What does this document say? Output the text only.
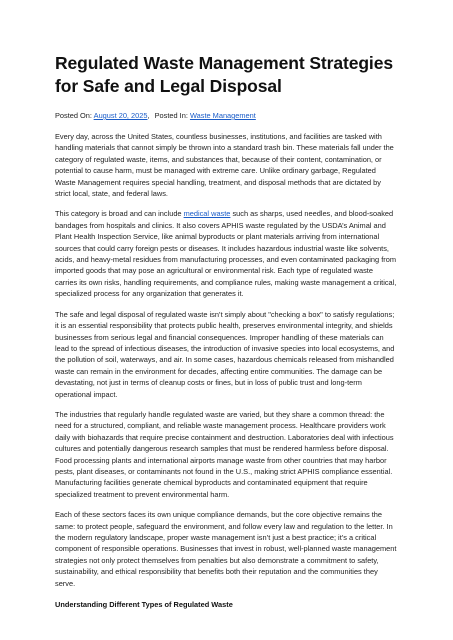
Regulated Waste Management Strategies for Safe and Legal Disposal
Posted On: August 20, 2025, Posted In: Waste Management

Every day, across the United States, countless businesses, institutions, and facilities are tasked with handling materials that cannot simply be thrown into a standard trash bin. These materials fall under the category of regulated waste, items, and substances that, because of their content, contamination, or potential to cause harm, must be managed with extreme care. Unlike ordinary garbage, Regulated Waste Management requires special handling, treatment, and disposal methods that are dictated by strict local, state, and federal laws.

This category is broad and can include medical waste such as sharps, used needles, and blood-soaked bandages from hospitals and clinics. It also covers APHIS waste regulated by the USDA’s Animal and Plant Health Inspection Service, like animal byproducts or plant materials arriving from international sources that could carry foreign pests or diseases. It includes hazardous industrial waste like solvents, acids, and heavy-metal residues from manufacturing processes, and even contaminated packaging from imported goods that may pose an agricultural or environmental risk. Each type of regulated waste carries its own risks, handling requirements, and compliance rules, making waste management a critical, specialized process for any organization that generates it.

The safe and legal disposal of regulated waste isn’t simply about "checking a box" to satisfy regulations; it is an essential responsibility that protects public health, preserves environmental integrity, and shields businesses from serious legal and financial consequences. Improper handling of these materials can lead to the spread of infectious diseases, the introduction of invasive species into local ecosystems, and the pollution of soil, waterways, and air. In some cases, hazardous chemicals released from mishandled waste can remain in the environment for decades, affecting entire communities. The damage can be devastating, not just in terms of cleanup costs or fines, but in loss of public trust and long-term operational impact.

The industries that regularly handle regulated waste are varied, but they share a common thread: the need for a structured, compliant, and reliable waste management process. Healthcare providers work daily with biohazards that require precise containment and destruction. Laboratories deal with infectious cultures and potentially dangerous research samples that must be rendered harmless before disposal. Food processing plants and international airports manage waste from other countries that may harbor pests, plant diseases, or contaminants not found in the U.S., making strict APHIS compliance essential. Manufacturing facilities generate chemical byproducts and contaminated equipment that require specialized treatment to prevent environmental harm.

Each of these sectors faces its own unique compliance demands, but the core objective remains the same: to protect people, safeguard the environment, and follow every law and regulation to the letter. In the modern regulatory landscape, proper waste management isn’t just a best practice; it’s a critical component of responsible operations. Businesses that invest in robust, well-planned waste management strategies not only protect themselves from penalties but also demonstrate a commitment to safety, sustainability, and ethical responsibility that benefits both their reputation and the communities they serve.

Understanding Different Types of Regulated Waste
